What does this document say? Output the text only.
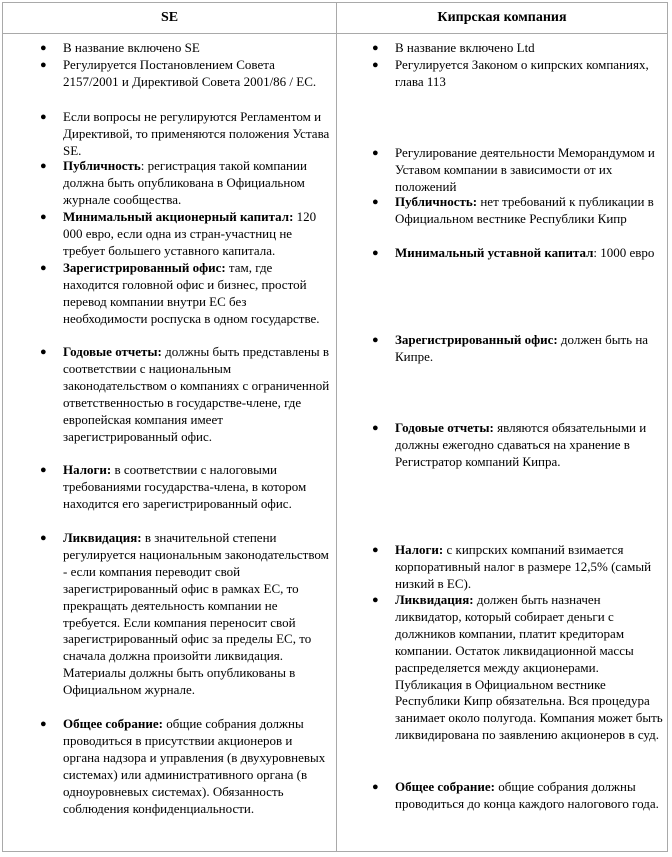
SE	Кипрская компания
● В название включено SE
● Регулируется Постановлением Совета 2157/2001 и Директивой Совета 2001/86 / ЕС.
● Если вопросы не регулируются Регламентом и Директивой, то применяются положения Устава SE.
● Публичность: регистрация такой компании должна быть опубликована в Официальном журнале сообщества.
● Минимальный акционерный капитал: 120 000 евро, если одна из стран-участниц не требует большего уставного капитала.
● Зарегистрированный офис: там, где находится головной офис и бизнес, простой перевод компании внутри ЕС без необходимости роспуска в одном государстве.
● Годовые отчеты: должны быть представлены в соответствии с национальным законодательством о компаниях с ограниченной ответственностью в государстве-члене, где европейская компания имеет зарегистрированный офис.
● Налоги: в соответствии с налоговыми требованиями государства-члена, в котором находится его зарегистрированный офис.
● Ликвидация: в значительной степени регулируется национальным законодательством - если компания переводит свой зарегистрированный офис в рамках ЕС, то прекращать деятельность компании не требуется. Если компания переносит свой зарегистрированный офис за пределы ЕС, то сначала должна произойти ликвидация. Материалы должны быть опубликованы в Официальном журнале.
● Общее собрание: общие собрания должны проводиться в присутствии акционеров и органа надзора и управления (в двухуровневых системах) или административного органа (в одноуровневых системах). Обязанность соблюдения конфиденциальности.
● В название включено Ltd
● Регулируется Законом о кипрских компаниях, глава 113
● Регулирование деятельности Меморандумом и Уставом компании в зависимости от их положений
● Публичность: нет требований к публикации в Официальном вестнике Республики Кипр
● Минимальный уставной капитал: 1000 евро
● Зарегистрированный офис: должен быть на Кипре.
● Годовые отчеты: являются обязательными и должны ежегодно сдаваться на хранение в Регистратор компаний Кипра.
● Налоги: с кипрских компаний взимается корпоративный налог в размере 12,5% (самый низкий в ЕС).
● Ликвидация: должен быть назначен ликвидатор, который собирает деньги с должников компании, платит кредиторам компании. Остаток ликвидационной массы распределяется между акционерами. Публикация в Официальном вестнике Республики Кипр обязательна. Вся процедура занимает около полугода. Компания может быть ликвидирована по заявлению акционеров в суд.
● Общее собрание: общие собрания должны проводиться до конца каждого налогового года.
